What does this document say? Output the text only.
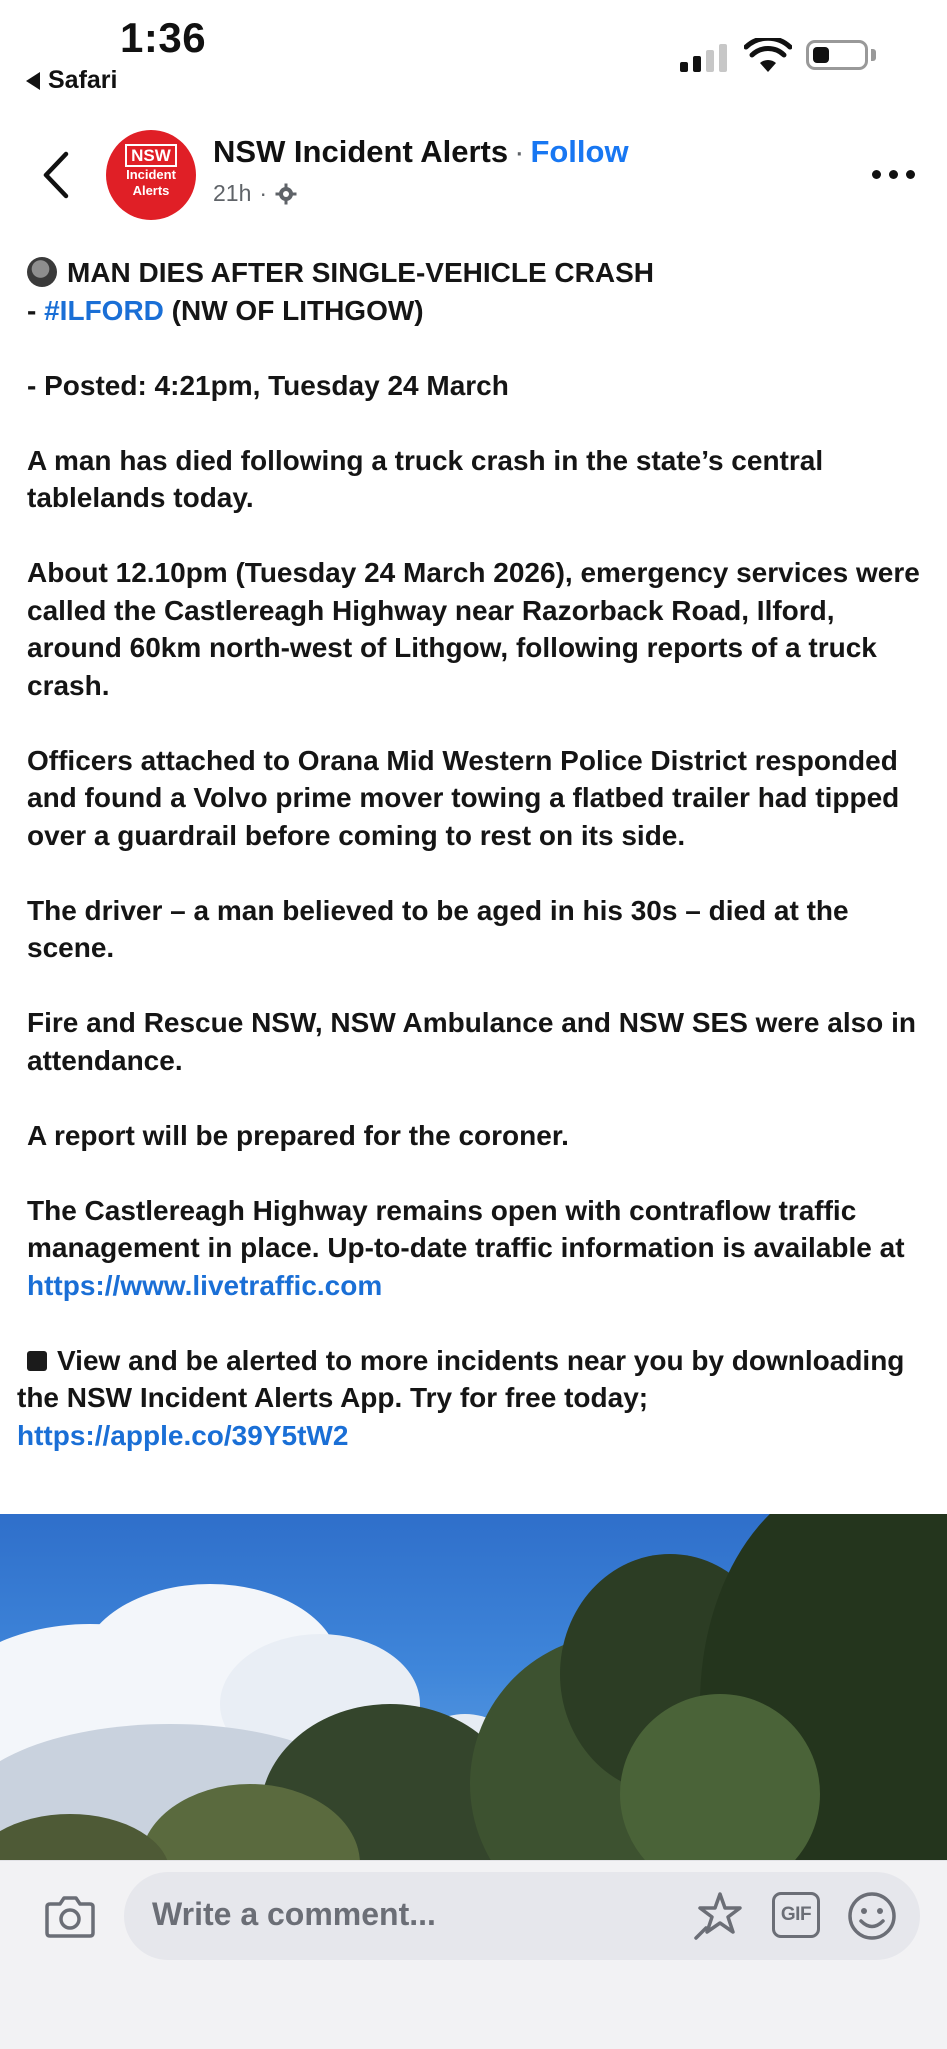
1:36
Safari
NSW
Incident
Alerts
NSW Incident Alerts · Follow
21h ·

MAN DIES AFTER SINGLE-VEHICLE CRASH
- #ILFORD (NW OF LITHGOW)

- Posted: 4:21pm, Tuesday 24 March

A man has died following a truck crash in the state’s central tablelands today.

About 12.10pm (Tuesday 24 March 2026), emergency services were called the Castlereagh Highway near Razorback Road, Ilford, around 60km north-west of Lithgow, following reports of a truck crash.

Officers attached to Orana Mid Western Police District responded and found a Volvo prime mover towing a flatbed trailer had tipped over a guardrail before coming to rest on its side.

The driver – a man believed to be aged in his 30s – died at the scene.

Fire and Rescue NSW, NSW Ambulance and NSW SES were also in attendance.

A report will be prepared for the coroner.

The Castlereagh Highway remains open with contraflow traffic management in place. Up-to-date traffic information is available at https://www.livetraffic.com

View and be alerted to more incidents near you by downloading the NSW Incident Alerts App. Try for free today; https://apple.co/39Y5tW2

Write a comment...	GIF
